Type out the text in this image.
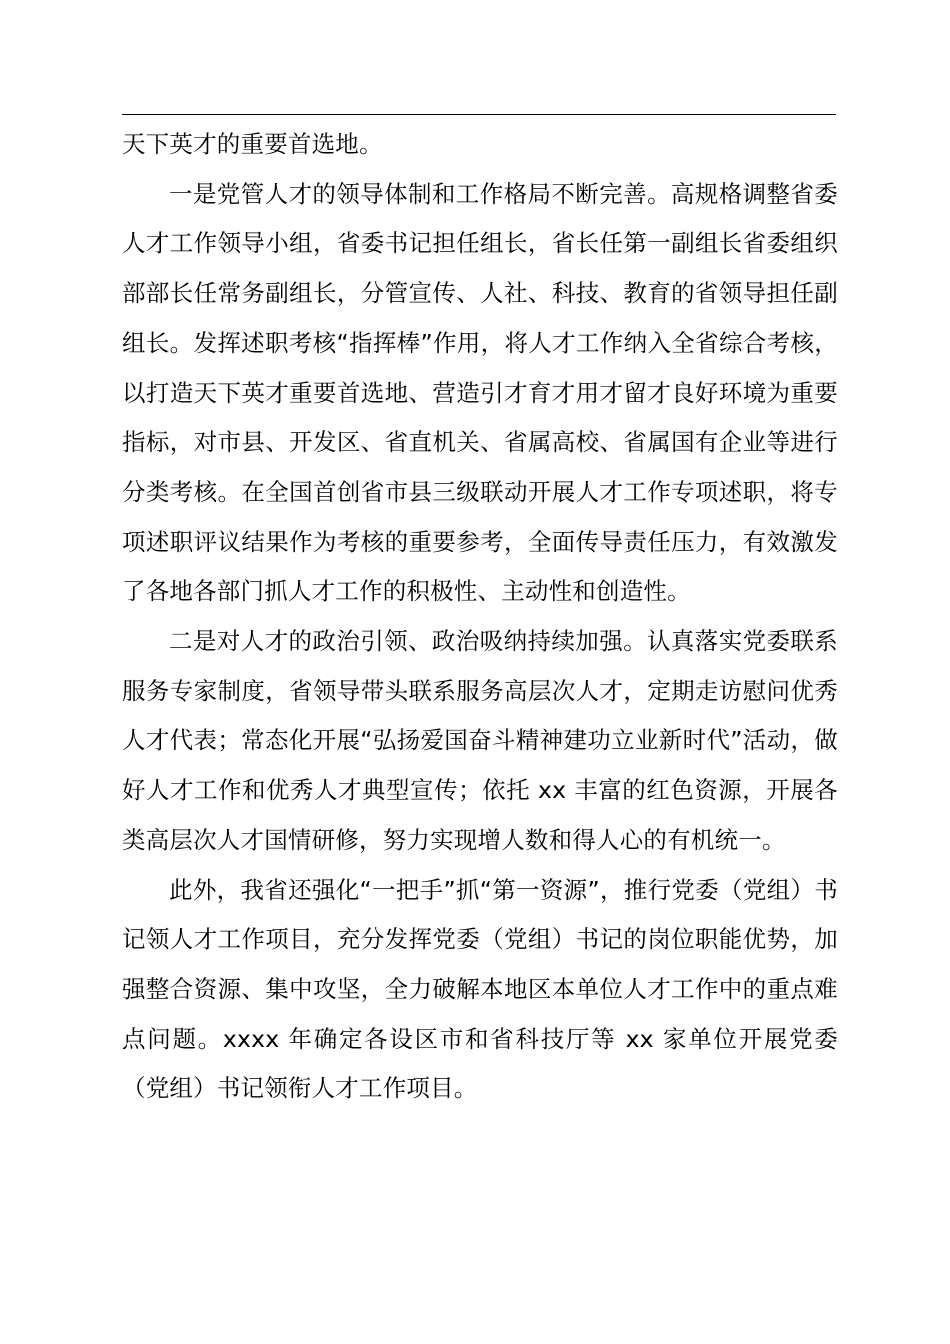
天下英才的重要首选地。

一是党管人才的领导体制和工作格局不断完善。高规格调整省委人才工作领导小组，省委书记担任组长，省长任第一副组长省委组织部部长任常务副组长，分管宣传、人社、科技、教育的省领导担任副组长。发挥述职考核“指挥棒”作用，将人才工作纳入全省综合考核，以打造天下英才重要首选地、营造引才育才用才留才良好环境为重要指标，对市县、开发区、省直机关、省属高校、省属国有企业等进行分类考核。在全国首创省市县三级联动开展人才工作专项述职，将专项述职评议结果作为考核的重要参考，全面传导责任压力，有效激发了各地各部门抓人才工作的积极性、主动性和创造性。

二是对人才的政治引领、政治吸纳持续加强。认真落实党委联系服务专家制度，省领导带头联系服务高层次人才，定期走访慰问优秀人才代表；常态化开展“弘扬爱国奋斗精神建功立业新时代”活动，做好人才工作和优秀人才典型宣传；依托 xx 丰富的红色资源，开展各类高层次人才国情研修，努力实现增人数和得人心的有机统一。

此外，我省还强化“一把手”抓“第一资源”，推行党委（党组）书记领人才工作项目，充分发挥党委（党组）书记的岗位职能优势，加强整合资源、集中攻坚，全力破解本地区本单位人才工作中的重点难点问题。xxxx 年确定各设区市和省科技厅等 xx 家单位开展党委（党组）书记领衔人才工作项目。
